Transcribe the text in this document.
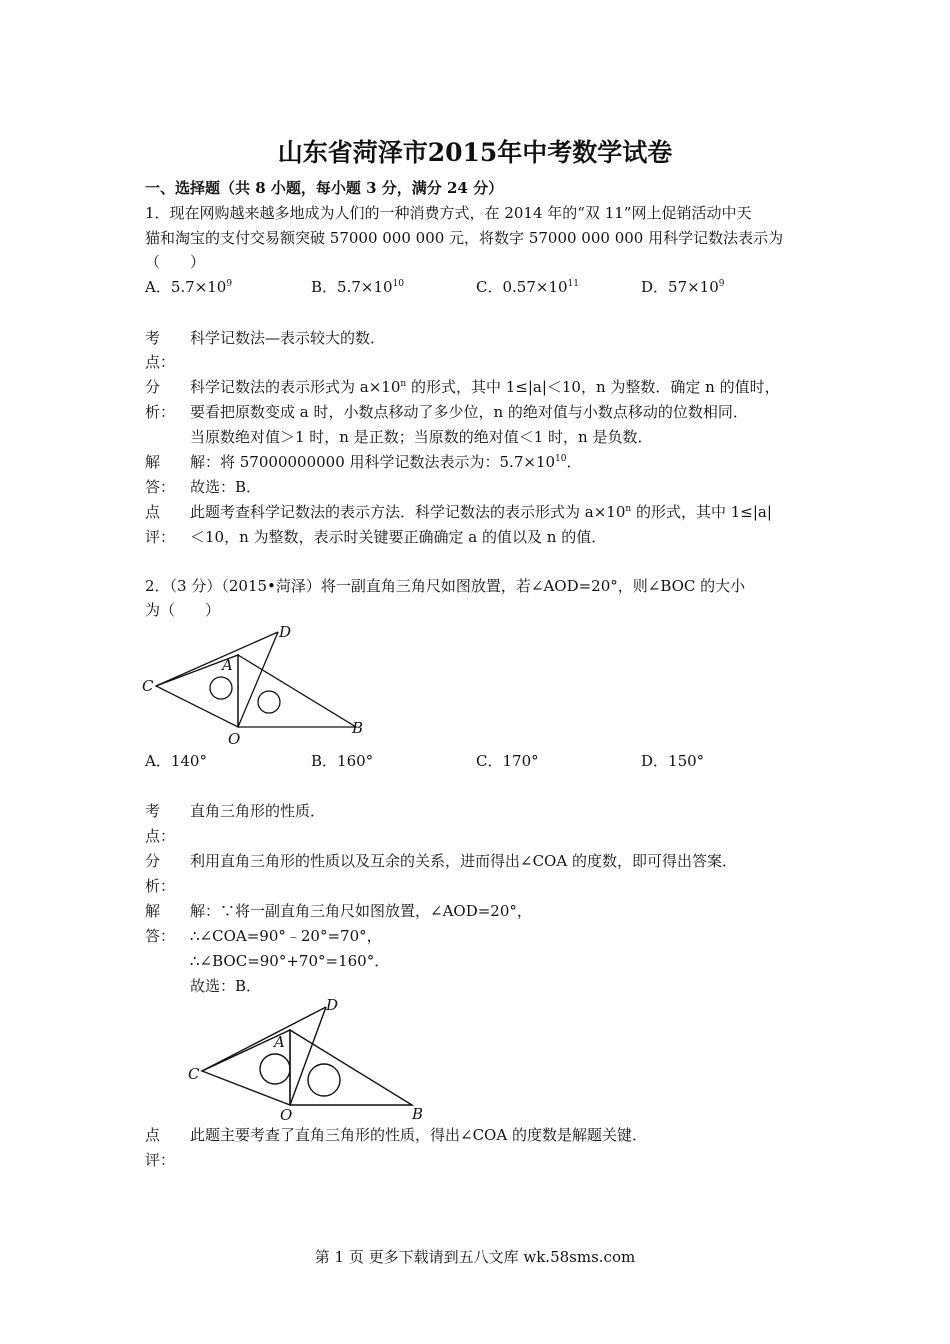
山东省菏泽市2015年中考数学试卷
一、选择题（共 8 小题，每小题 3 分，满分 24 分）
1．现在网购越来越多地成为人们的一种消费方式，在 2014 年的“双 11”网上促销活动中天
猫和淘宝的支付交易额突破 57000 000 000 元，将数字 57000 000 000 用科学记数法表示为
（　　）
A．$5.7\times 10^9$	B．$5.7\times 10^{10}$	C．$0.57\times 10^{11}$	D．$57\times 10^9$
考
点：
科学记数法—表示较大的数．
分
析：
科学记数法的表示形式为 $a\times 10^n$ 的形式，其中 1≤|a|＜10，n 为整数．确定 n 的值时，
要看把原数变成 a 时，小数点移动了多少位，n 的绝对值与小数点移动的位数相同．
当原数绝对值＞1 时，n 是正数；当原数的绝对值＜1 时，n 是负数．
解
答：
解：将 57000000000 用科学记数法表示为：$5.7\times 10^{10}$．
故选：B．
点
评：
此题考查科学记数法的表示方法．科学记数法的表示形式为 $a\times 10^n$ 的形式，其中 1≤|a|
＜10，n 为整数，表示时关键要正确确定 a 的值以及 n 的值．
2．（3 分）（2015•菏泽）将一副直角三角尺如图放置，若∠AOD=20°，则∠BOC 的大小
为（　　）
D
A
C
O
B
A．140°	B．160°	C．170°	D．150°
考
点：
直角三角形的性质．
分
析：
利用直角三角形的性质以及互余的关系，进而得出∠COA 的度数，即可得出答案．
解
答：
解：∵将一副直角三角尺如图放置，∠AOD=20°，
∴∠COA=90°﹣20°=70°，
∴∠BOC=90°+70°=160°．
故选：B．
D
A
C
O	B
点
评：
此题主要考查了直角三角形的性质，得出∠COA 的度数是解题关键．
第 1 页 更多下载请到五八文库 wk.58sms.com
